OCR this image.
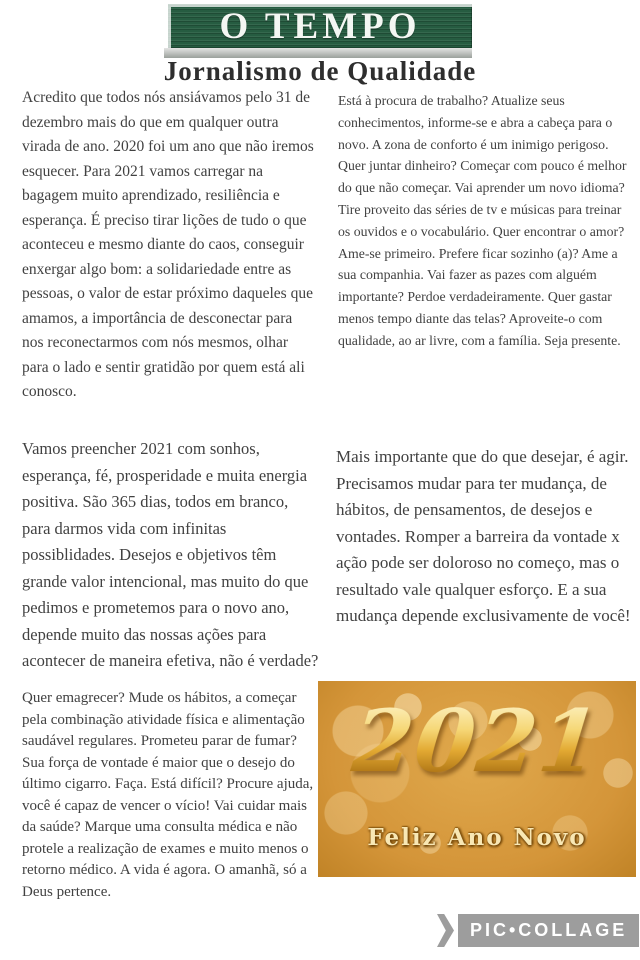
O TEMPO
Jornalismo de Qualidade

Acredito que todos nós ansiávamos pelo 31 de dezembro mais do que em qualquer outra virada de ano. 2020 foi um ano que não iremos esquecer. Para 2021 vamos carregar na bagagem muito aprendizado, resiliência e esperança. É preciso tirar lições de tudo o que aconteceu e mesmo diante do caos, conseguir enxergar algo bom: a solidariedade entre as pessoas, o valor de estar próximo daqueles que amamos, a importância de desconectar para nos reconectarmos com nós mesmos, olhar para o lado e sentir gratidão por quem está ali conosco.

Vamos preencher 2021 com sonhos, esperança, fé, prosperidade e muita energia positiva. São 365 dias, todos em branco, para darmos vida com infinitas possiblidades. Desejos e objetivos têm grande valor intencional, mas muito do que pedimos e prometemos para o novo ano, depende muito das nossas ações para acontecer de maneira efetiva, não é verdade?

Quer emagrecer? Mude os hábitos, a começar pela combinação atividade física e alimentação saudável regulares. Prometeu parar de fumar? Sua força de vontade é maior que o desejo do último cigarro. Faça. Está difícil? Procure ajuda, você é capaz de vencer o vício! Vai cuidar mais da saúde? Marque uma consulta médica e não protele a realização de exames e muito menos o retorno médico. A vida é agora. O amanhã, só a Deus pertence.

Está à procura de trabalho? Atualize seus conhecimentos, informe-se e abra a cabeça para o novo. A zona de conforto é um inimigo perigoso. Quer juntar dinheiro? Começar com pouco é melhor do que não começar. Vai aprender um novo idioma? Tire proveito das séries de tv e músicas para treinar os ouvidos e o vocabulário. Quer encontrar o amor? Ame-se primeiro. Prefere ficar sozinho (a)? Ame a sua companhia. Vai fazer as pazes com alguém importante? Perdoe verdadeiramente. Quer gastar menos tempo diante das telas? Aproveite-o com qualidade, ao ar livre, com a família. Seja presente.

Mais importante que do que desejar, é agir. Precisamos mudar para ter mudança, de hábitos, de pensamentos, de desejos e vontades. Romper a barreira da vontade x ação pode ser doloroso no começo, mas o resultado vale qualquer esforço. E a sua mudança depende exclusivamente de você!

2021
Feliz Ano Novo
PIC•COLLAGE
